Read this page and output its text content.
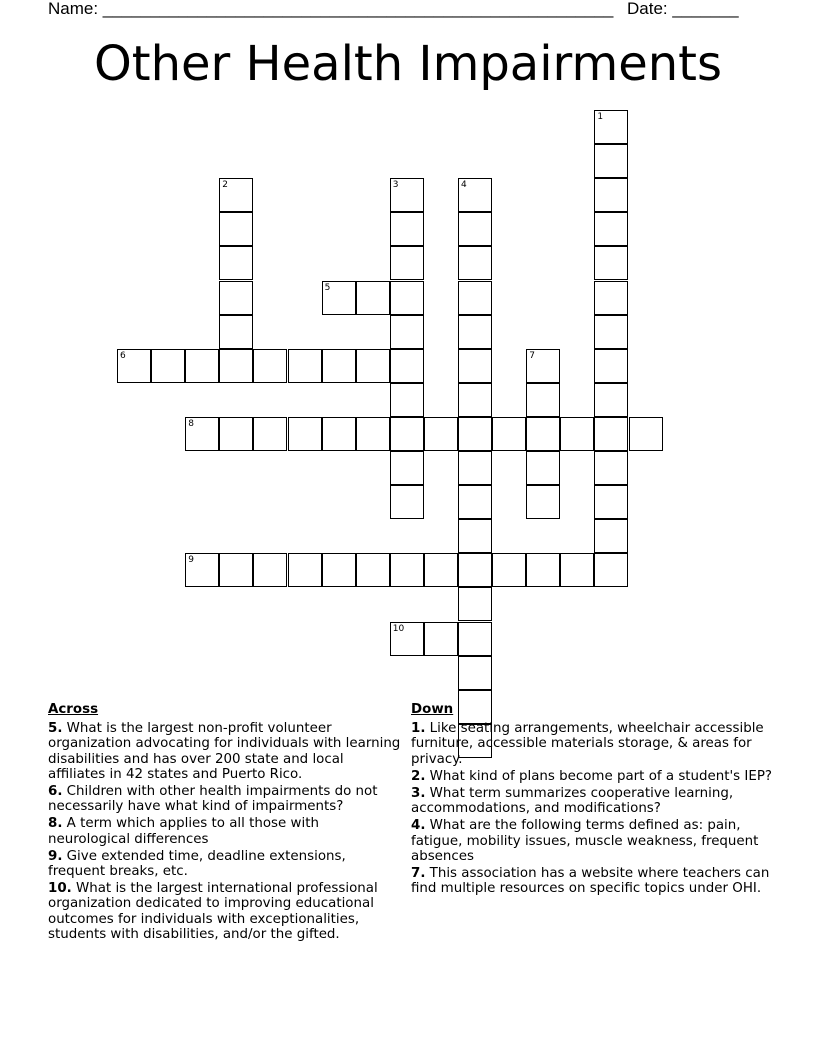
Name: ______________________________________________________ Date: _______
Other Health Impairments
5
6
8
9
10
1
2	3	4
7
Across
5. What is the largest non-profit volunteer organization advocating for individuals with learning disabilities and has over 200 state and local affiliates in 42 states and Puerto Rico.
6. Children with other health impairments do not necessarily have what kind of impairments?
8. A term which applies to all those with neurological differences
9. Give extended time, deadline extensions, frequent breaks, etc.
10. What is the largest international professional organization dedicated to improving educational outcomes for individuals with exceptionalities, students with disabilities, and/or the gifted.
Down
1. Like seating arrangements, wheelchair accessible furniture, accessible materials storage, & areas for privacy.
2. What kind of plans become part of a student's IEP?
3. What term summarizes cooperative learning, accommodations, and modifications?
4. What are the following terms defined as: pain, fatigue, mobility issues, muscle weakness, frequent absences
7. This association has a website where teachers can find multiple resources on specific topics under OHI.
